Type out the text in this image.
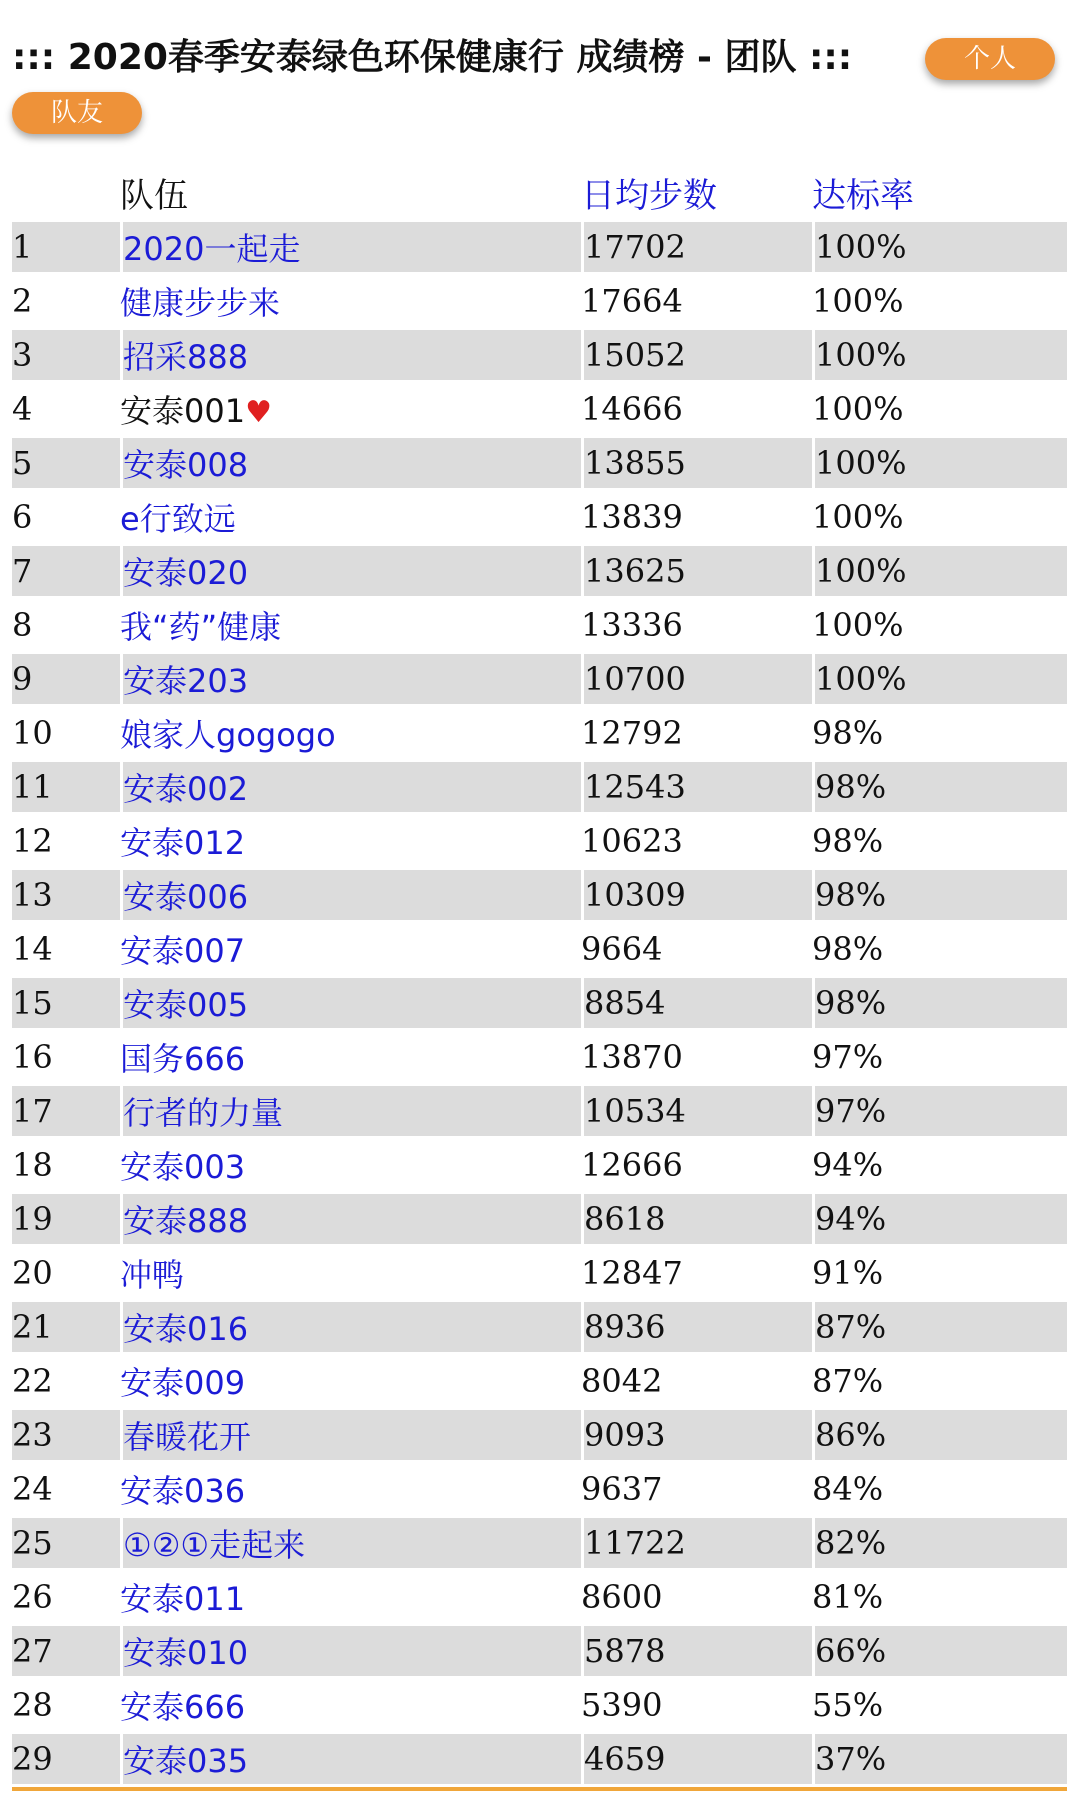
::: 2020春季安泰绿色环保健康行 成绩榜 - 团队 :::	个人
队友
	队伍	日均步数	达标率
1	2020一起走	17702	100%
2	健康步步来	17664	100%
3	招采888	15052	100%
4	安泰001♥	14666	100%
5	安泰008	13855	100%
6	e行致远	13839	100%
7	安泰020	13625	100%
8	我“药”健康	13336	100%
9	安泰203	10700	100%
10	娘家人gogogo	12792	98%
11	安泰002	12543	98%
12	安泰012	10623	98%
13	安泰006	10309	98%
14	安泰007	9664	98%
15	安泰005	8854	98%
16	国务666	13870	97%
17	行者的力量	10534	97%
18	安泰003	12666	94%
19	安泰888	8618	94%
20	冲鸭	12847	91%
21	安泰016	8936	87%
22	安泰009	8042	87%
23	春暖花开	9093	86%
24	安泰036	9637	84%
25	①②①走起来	11722	82%
26	安泰011	8600	81%
27	安泰010	5878	66%
28	安泰666	5390	55%
29	安泰035	4659	37%
